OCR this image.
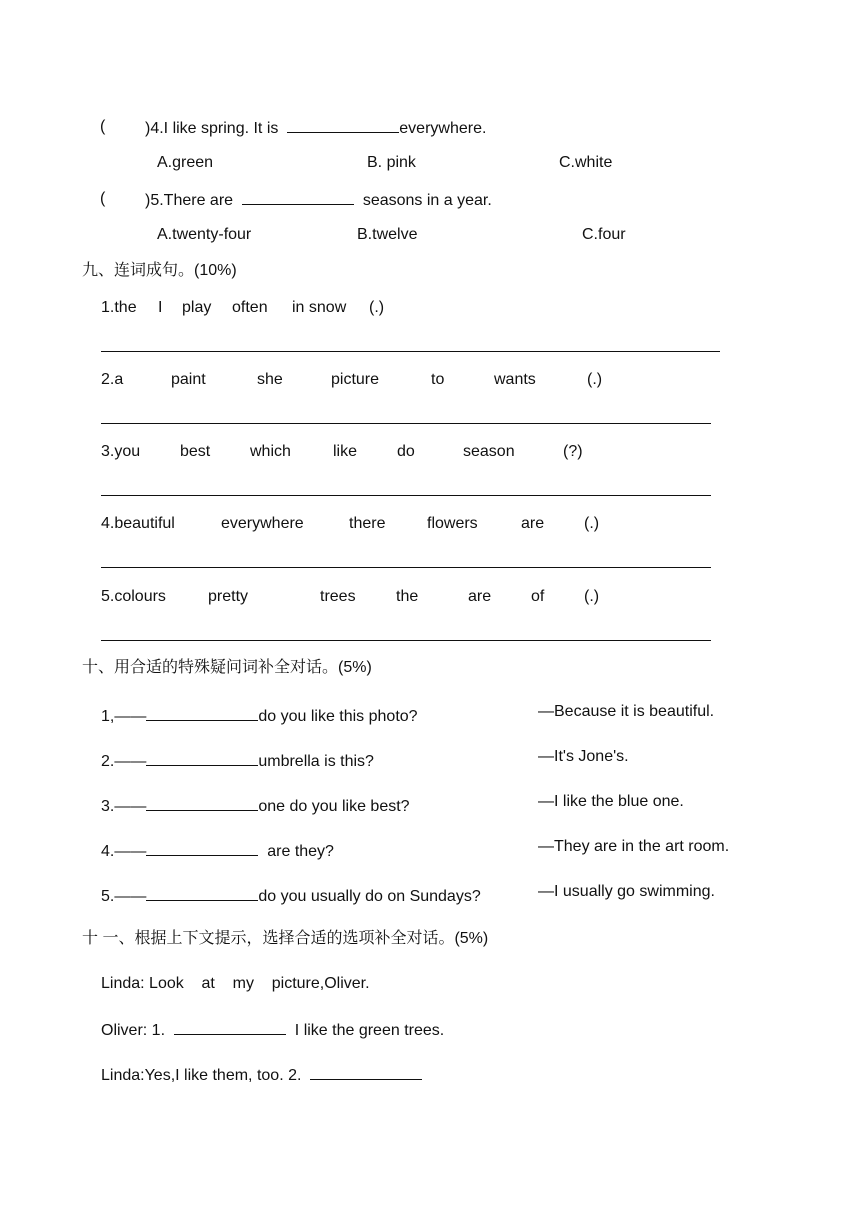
( )4.I like spring. It is	everywhere.
A.green	B. pink	C.white
( )5.There are	seasons in a year.
A.twenty-four	B.twelve	C.four
九、连词成句。(10%)
1.the I play often in snow (.)
2.a	paint	she	picture	to	wants	(.)
3.you best which	like do	season	(?)
4.beautiful	everywhere	there	flowers	are (.)
5.colours	pretty	trees	the	are of (.)
十、用合适的特殊疑问词补全对话。(5%)
1,——	do you like this photo?	—Because it is beautiful.
2.——	umbrella is this?	—It's Jone's.
3.——	one do you like best?	—I like the blue one.
4.——	are they?	—They are in the art room.
5.——	do you usually do on Sundays?	—I usually go swimming.
十 一、根据上下文提示，选择合适的选项补全对话。(5%)
Linda: Look    at    my    picture,Oliver.
Oliver: 1.	I like the green trees.
Linda:Yes,I like them, too. 2.
